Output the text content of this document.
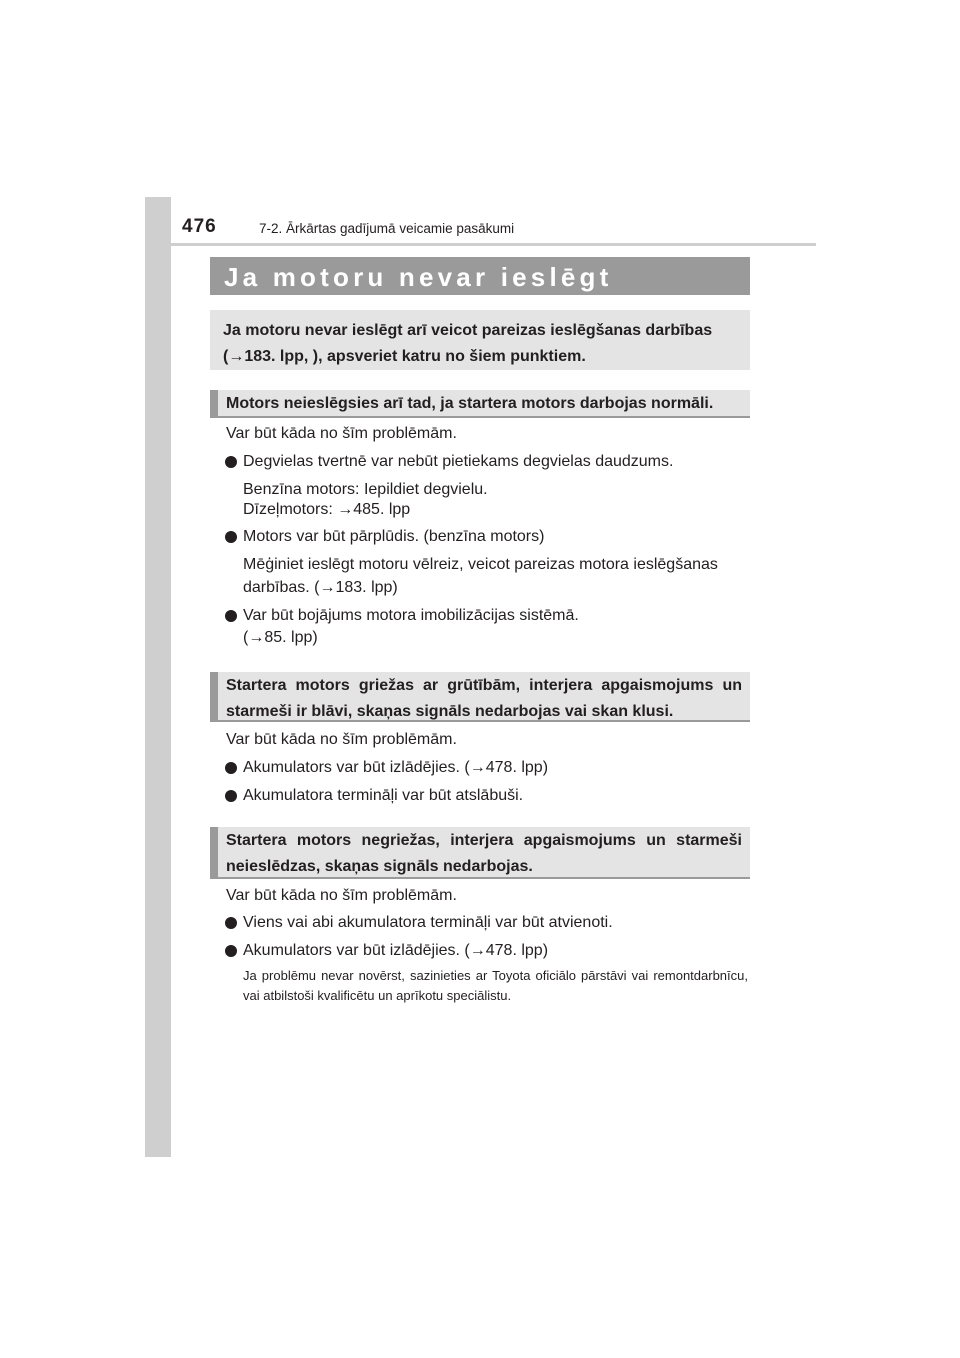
476	7-2. Ārkārtas gadījumā veicamie pasākumi
Ja motoru nevar ieslēgt
Ja motoru nevar ieslēgt arī veicot pareizas ieslēgšanas darbības (→183. lpp, ), apsveriet katru no šiem punktiem.
Motors neieslēgsies arī tad, ja startera motors darbojas normāli.
Var būt kāda no šīm problēmām.
Degvielas tvertnē var nebūt pietiekams degvielas daudzums.
Benzīna motors: Iepildiet degvielu.
Dīzeļmotors: →485. lpp
Motors var būt pārplūdis. (benzīna motors)
Mēģiniet ieslēgt motoru vēlreiz, veicot pareizas motora ieslēgšanas
darbības. (→183. lpp)
Var būt bojājums motora imobilizācijas sistēmā.
(→85. lpp)
Startera motors griežas ar grūtībām, interjera apgaismojums un starmeši ir blāvi, skaņas signāls nedarbojas vai skan klusi.
Var būt kāda no šīm problēmām.
Akumulators var būt izlādējies. (→478. lpp)
Akumulatora termināļi var būt atslābuši.
Startera motors negriežas, interjera apgaismojums un starmeši neieslēdzas, skaņas signāls nedarbojas.
Var būt kāda no šīm problēmām.
Viens vai abi akumulatora termināļi var būt atvienoti.
Akumulators var būt izlādējies. (→478. lpp)
Ja problēmu nevar novērst, sazinieties ar Toyota oficiālo pārstāvi vai remontdarbnīcu, vai atbilstoši kvalificētu un aprīkotu speciālistu.
